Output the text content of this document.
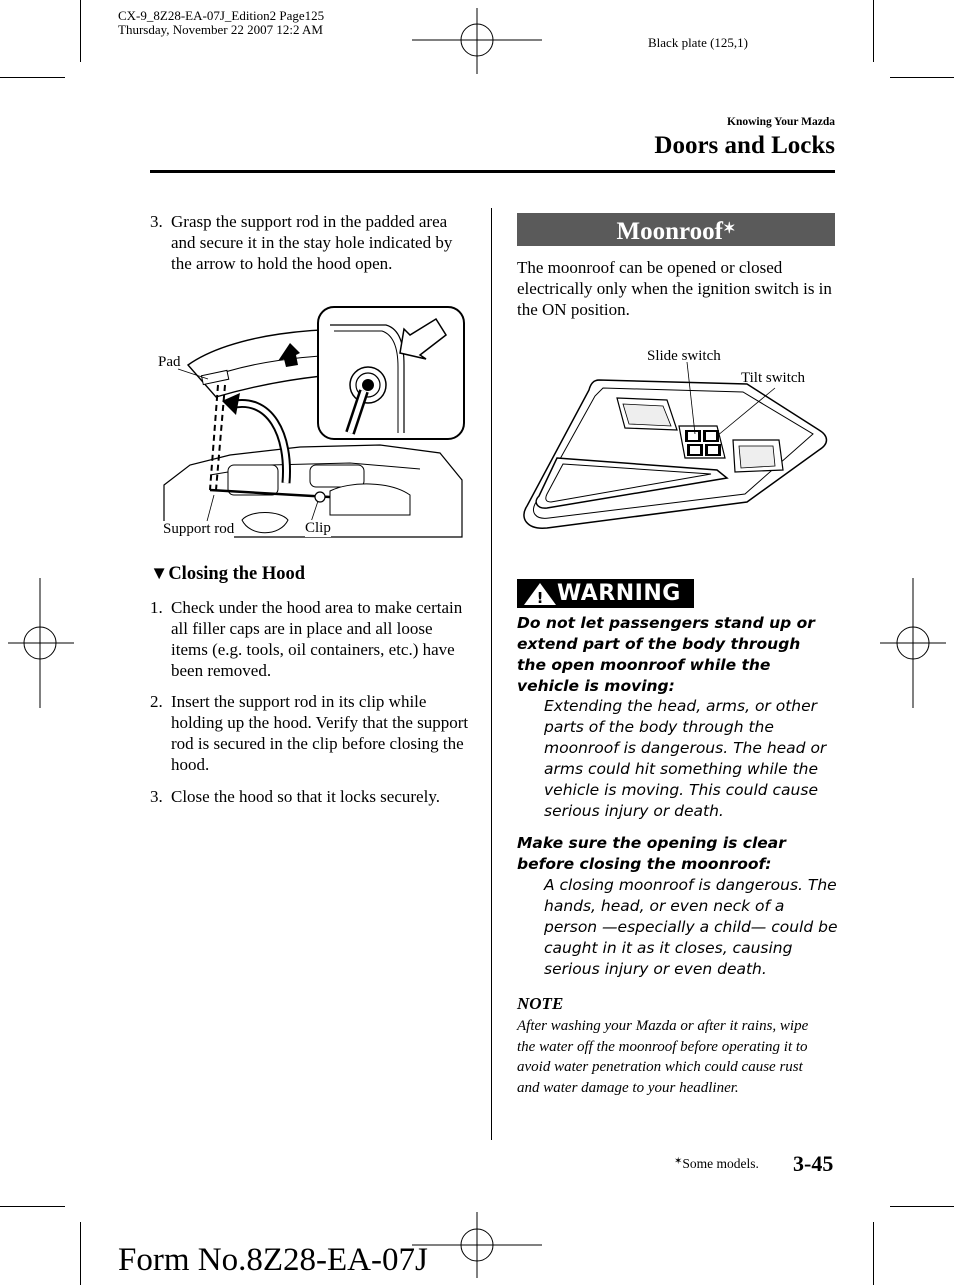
CX-9_8Z28-EA-07J_Edition2 Page125
Thursday, November 22 2007 12:2 AM
Black plate (125,1)
Knowing Your Mazda
Doors and Locks
3. Grasp the support rod in the padded area and secure it in the stay hole indicated by the arrow to hold the hood open.
Pad
Support rod	Clip
▼Closing the Hood
1. Check under the hood area to make certain all filler caps are in place and all loose items (e.g. tools, oil containers, etc.) have been removed.
2. Insert the support rod in its clip while holding up the hood. Verify that the support rod is secured in the clip before closing the hood.
3. Close the hood so that it locks securely.
Moonroof✶
The moonroof can be opened or closed electrically only when the ignition switch is in the ON position.
Slide switch
Tilt switch
! WARNING
Do not let passengers stand up or extend part of the body through the open moonroof while the vehicle is moving:
Extending the head, arms, or other parts of the body through the moonroof is dangerous. The head or arms could hit something while the vehicle is moving. This could cause serious injury or death.
Make sure the opening is clear before closing the moonroof:
A closing moonroof is dangerous. The hands, head, or even neck of a person —especially a child— could be caught in it as it closes, causing serious injury or even death.
NOTE
After washing your Mazda or after it rains, wipe the water off the moonroof before operating it to avoid water penetration which could cause rust and water damage to your headliner.
✶Some models. 3-45
Form No.8Z28-EA-07J
